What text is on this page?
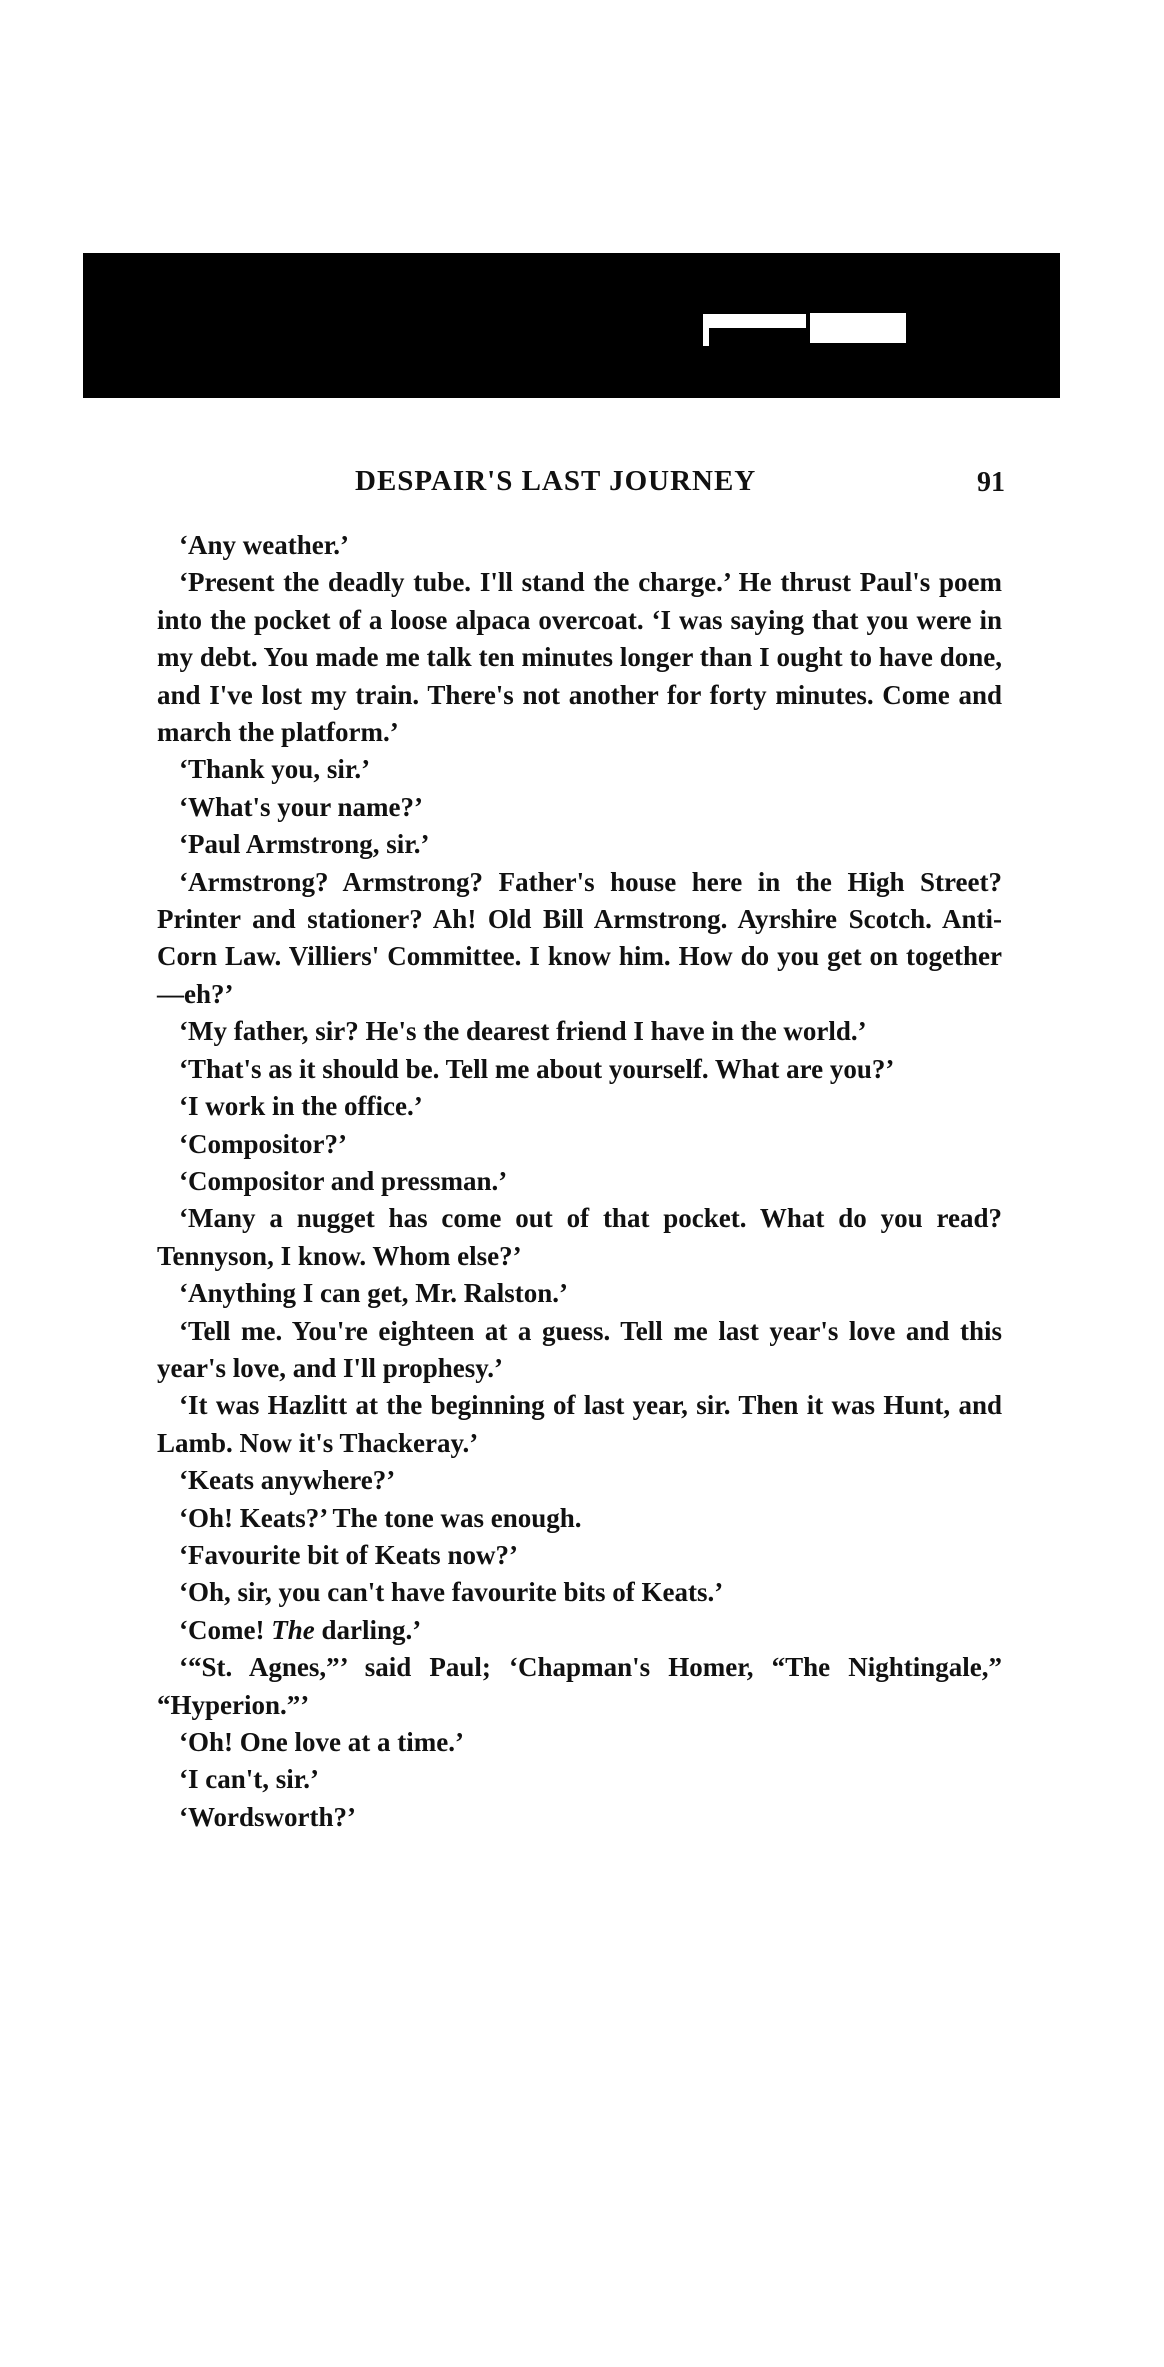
DESPAIR'S LAST JOURNEY	91

‘Any weather.’

‘Present the deadly tube. I'll stand the charge.’ He thrust Paul's poem into the pocket of a loose alpaca overcoat. ‘I was saying that you were in my debt. You made me talk ten minutes longer than I ought to have done, and I've lost my train. There's not another for forty minutes. Come and march the platform.’

‘Thank you, sir.’

‘What's your name?’

‘Paul Armstrong, sir.’

‘Armstrong? Armstrong? Father's house here in the High Street? Printer and stationer? Ah! Old Bill Armstrong. Ayrshire Scotch. Anti-Corn Law. Villiers' Committee. I know him. How do you get on together—eh?’

‘My father, sir? He's the dearest friend I have in the world.’

‘That's as it should be. Tell me about yourself. What are you?’

‘I work in the office.’

‘Compositor?’

‘Compositor and pressman.’

‘Many a nugget has come out of that pocket. What do you read? Tennyson, I know. Whom else?’

‘Anything I can get, Mr. Ralston.’

‘Tell me. You're eighteen at a guess. Tell me last year's love and this year's love, and I'll prophesy.’

‘It was Hazlitt at the beginning of last year, sir. Then it was Hunt, and Lamb. Now it's Thackeray.’

‘Keats anywhere?’

‘Oh! Keats?’ The tone was enough.

‘Favourite bit of Keats now?’

‘Oh, sir, you can't have favourite bits of Keats.’

‘Come! The darling.’

‘“St. Agnes,”’ said Paul; ‘Chapman's Homer, “The Nightingale,” “Hyperion.”’

‘Oh! One love at a time.’

‘I can't, sir.’

‘Wordsworth?’
